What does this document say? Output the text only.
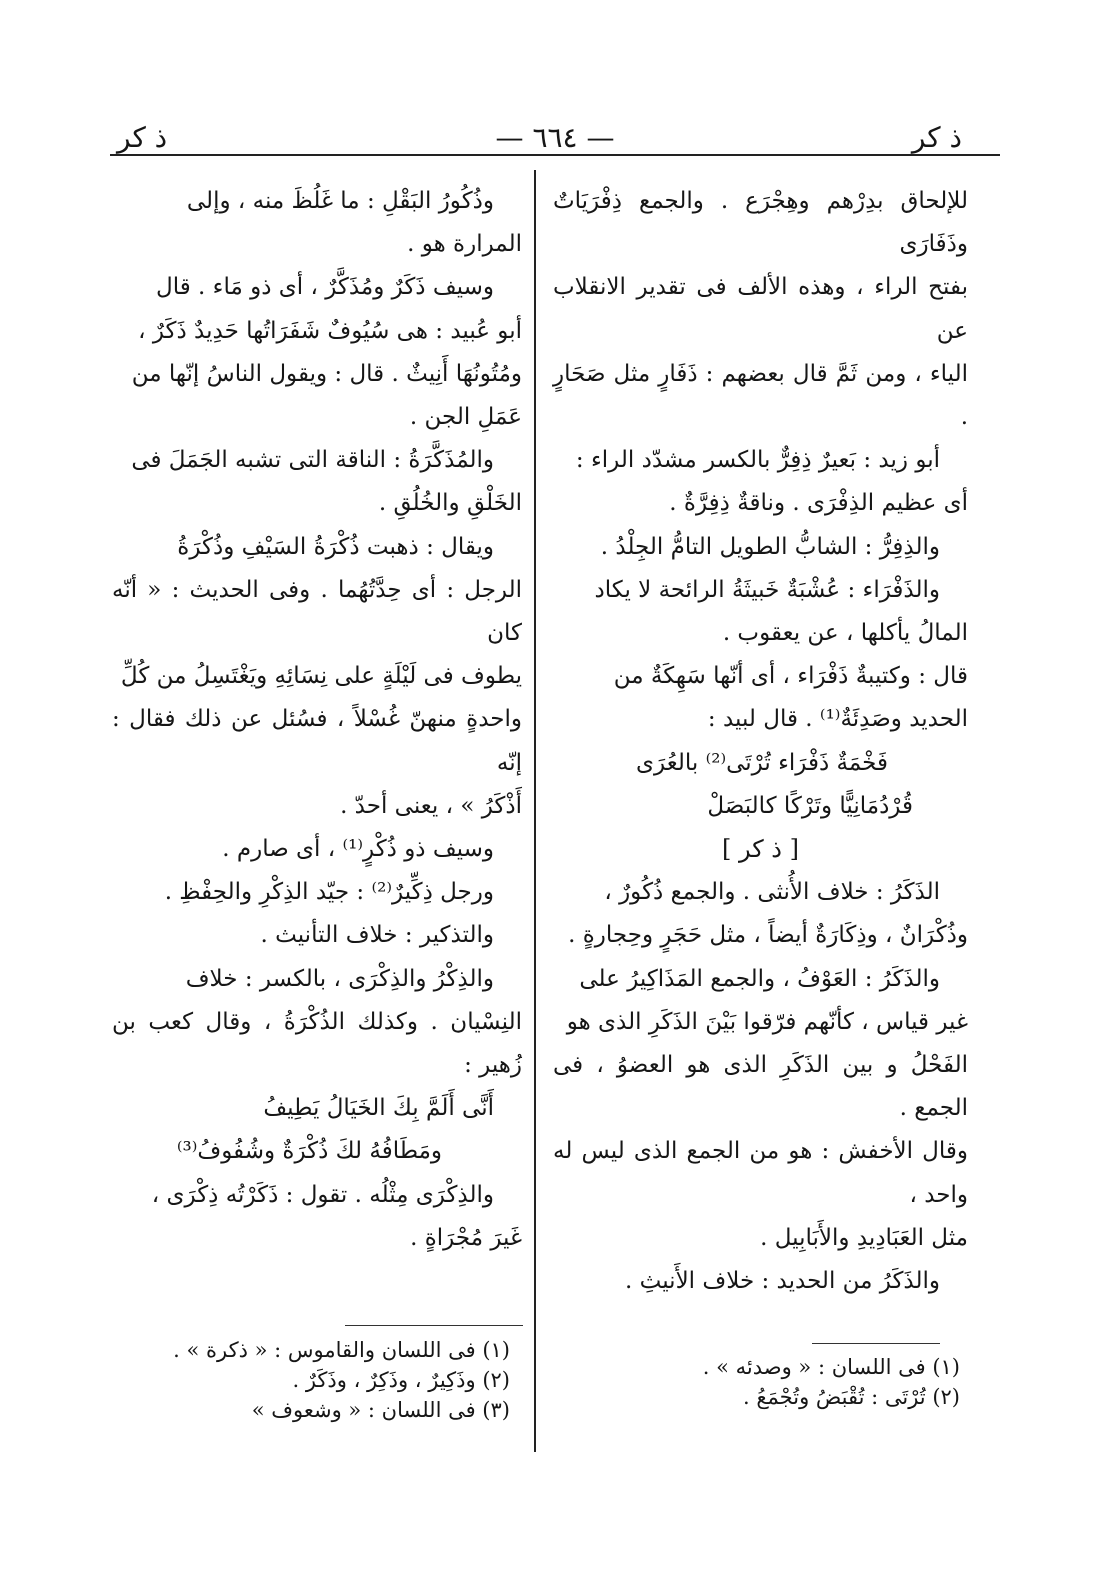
ذ كر
— ٦٦٤ —
ذ كر

للإلحاق بدِرْهم وهِجْرَع . والجمع ذِفْرَيَاتٌ وذَفَارَى

بفتح الراء ، وهذه الألف فى تقدير الانقلاب عن

الياء ، ومن ثَمَّ قال بعضهم : ذَفَارٍ مثل صَحَارٍ .

أبو زيد : بَعيرٌ ذِفِرٌّ بالكسر مشدّد الراء :

أى عظيم الذِفْرَى . وناقةٌ ذِفِرَّةٌ .

والذِفِرُّ : الشابُّ الطويل التامُّ الجِلْدُ .

والذَفْرَاء : عُشْبَةٌ خَبيثَةُ الرائحة لا يكاد

المالُ يأكلها ، عن يعقوب .

قال : وكتيبةٌ ذَفْرَاء ، أى أنّها سَهِكَةٌ من

الحديد وصَدِئَةٌ⁽¹⁾ . قال لبيد :

فَخْمَةٌ ذَفْرَاء تُرْتَى⁽²⁾ بالعُرَى

قُرْدُمَانِيًّا وتَرْكًا كالبَصَلْ

[ ذ كر ]

الذَكَرُ : خلاف الأُنثى . والجمع ذُكُورٌ ،

وذُكْرَانٌ ، وذِكَارَةٌ أيضاً ، مثل حَجَرٍ وحِجارةٍ .

والذَكَرُ : العَوْفُ ، والجمع المَذَاكِيرُ على

غير قياس ، كأنّهم فرّقوا بَيْنَ الذَكَرِ الذى هو

الفَحْلُ و بين الذَكَرِ الذى هو العضوُ ، فى الجمع .

وقال الأخفش : هو من الجمع الذى ليس له واحد ،

مثل العَبَادِيدِ والأَبَابِيل .

والذَكَرُ من الحديد : خلاف الأَنيثِ .

وذُكُورُ البَقْلِ : ما غَلُظَ منه ، وإلى

المرارة هو .

وسيف ذَكَرٌ ومُذَكَّرٌ ، أى ذو مَاء . قال

أبو عُبيد : هى سُيُوفٌ شَفَرَاتُها حَدِيدٌ ذَكَرٌ ،

ومُتُونُهَا أَنِيثٌ . قال : ويقول الناسُ إنّها من

عَمَلِ الجن .

والمُذَكَّرَةُ : الناقة التى تشبه الجَمَلَ فى

الخَلْقِ والخُلُقِ .

ويقال : ذهبت ذُكْرَةُ السَيْفِ وذُكْرَةُ

الرجل : أى حِدَّتُهُما . وفى الحديث : « أنّه كان

يطوف فى لَيْلَةٍ على نِسَائِهِ ويَغْتَسِلُ من كُلِّ

واحدةٍ منهنّ غُسْلاً ، فسُئل عن ذلك فقال : إنّه

أَذْكَرُ » ، يعنى أحدّ .

وسيف ذو ذُكْرٍ⁽¹⁾ ، أى صارم .

ورجل ذِكِّيرٌ⁽²⁾ : جيّد الذِكْرِ والحِفْظِ .

والتذكير : خلاف التأنيث .

والذِكْرُ والذِكْرَى ، بالكسر : خلاف

النِسْيان . وكذلك الذُكْرَةُ ، وقال كعب بن زُهير :

أَنَّى أَلَمَّ بِكَ الخَيَالُ يَطِيفُ

ومَطَافُهُ لكَ ذُكْرَةٌ وشُفُوفُ⁽³⁾

والذِكْرَى مِثْلُه . تقول : ذَكَرْتُه ذِكْرَى ،

غَيرَ مُجْرَاةٍ .

(١) فى اللسان : « وصدئه » .

(٢) تُرْتَى : تُقْبَضُ وتُجْمَعُ .

(١) فى اللسان والقاموس : « ذكرة » .

(٢) وذَكِيرٌ ، وذَكِرٌ ، وذَكَرٌ .

(٣) فى اللسان : « وشعوف »
